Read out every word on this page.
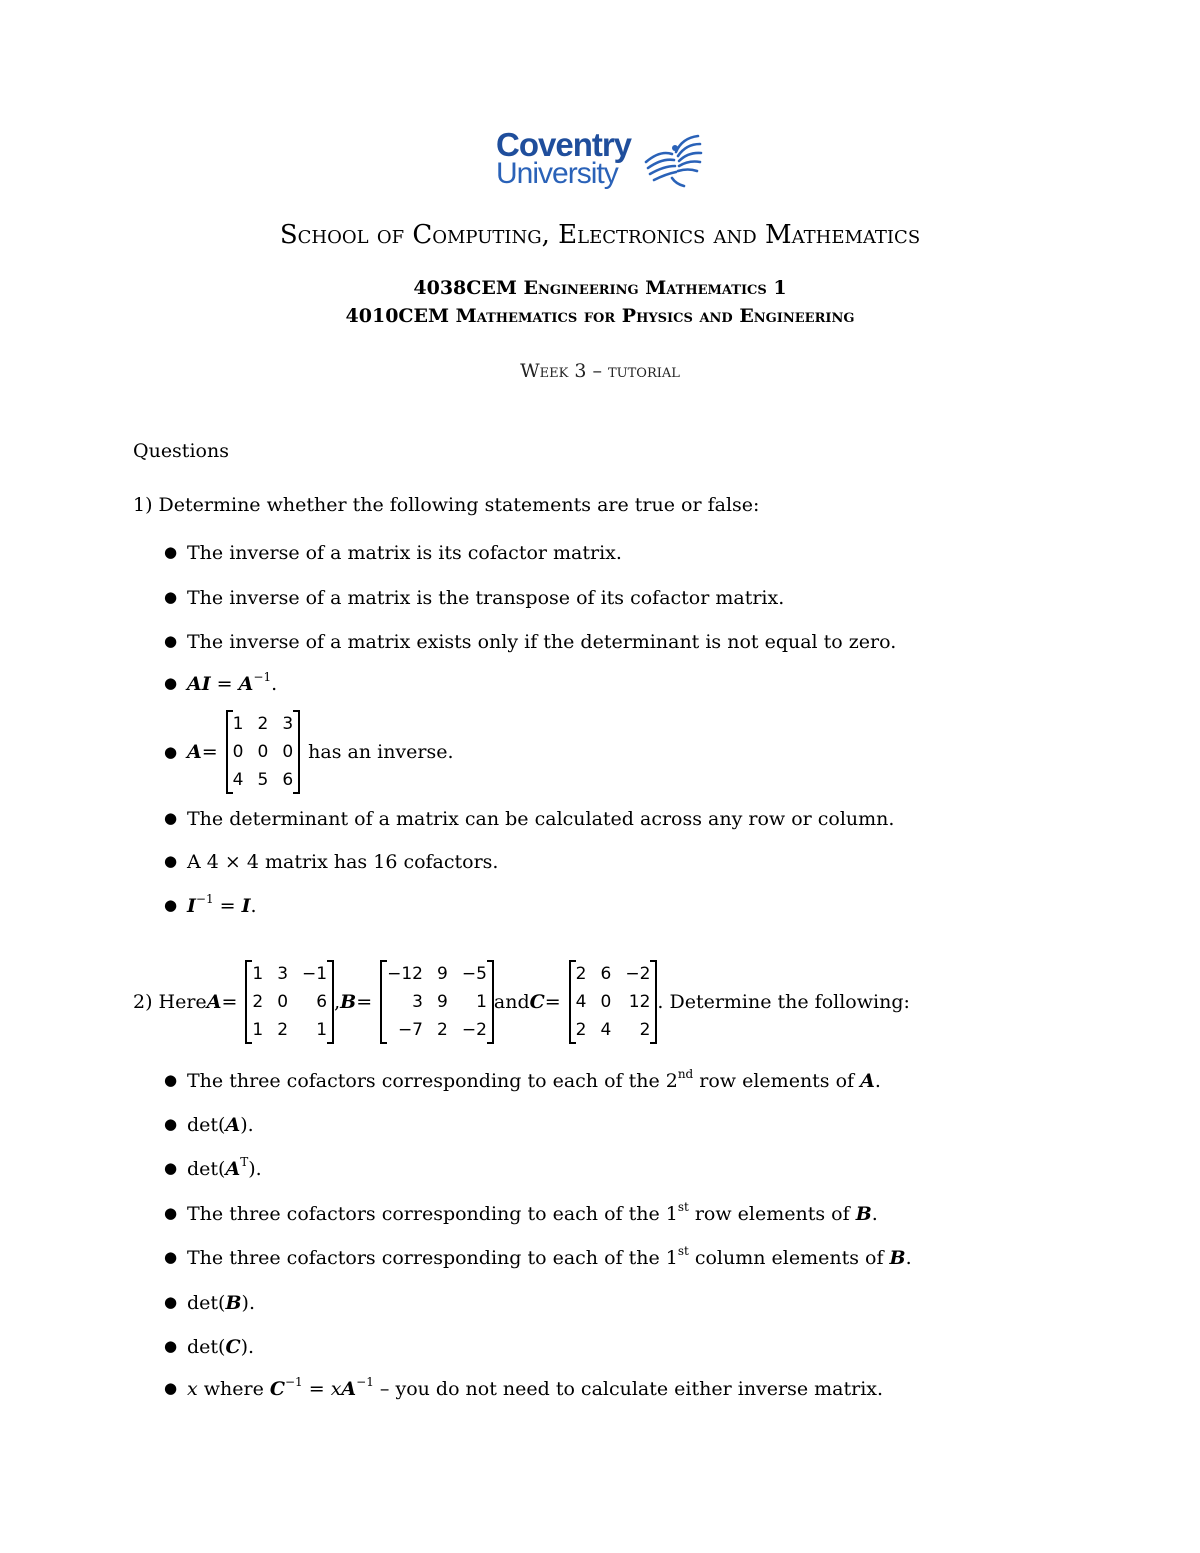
Coventry
University
School of Computing, Electronics and Mathematics
4038CEM Engineering Mathematics 1
4010CEM Mathematics for Physics and Engineering
Week 3 – tutorial
Questions
1) Determine whether the following statements are true or false:
● The inverse of a matrix is its cofactor matrix.
● The inverse of a matrix is the transpose of its cofactor matrix.
● The inverse of a matrix exists only if the determinant is not equal to zero.
● AI = $A^{-1}$.
● A =
1	2	3
0	0	0
4	5	6
has an inverse.
● The determinant of a matrix can be calculated across any row or column.
● A 4 × 4 matrix has 16 cofactors.
● $I^{-1} = I$.
2) Here A =
1	3	−1
2	0	6
1	2	1
, B =
−12	9	−5
3	9	1
−7	2	−2
and C =
2	6	−2
4	0	12
2	4	2
. Determine the following:
● The three cofactors corresponding to each of the 2nd row elements of A.
● det(A).
● $\det(A^T)$.
● The three cofactors corresponding to each of the 1st row elements of B.
● The three cofactors corresponding to each of the 1st column elements of B.
● det(B).
● det(C).
● x where $C^{-1} = xA^{-1}$ – you do not need to calculate either inverse matrix.
